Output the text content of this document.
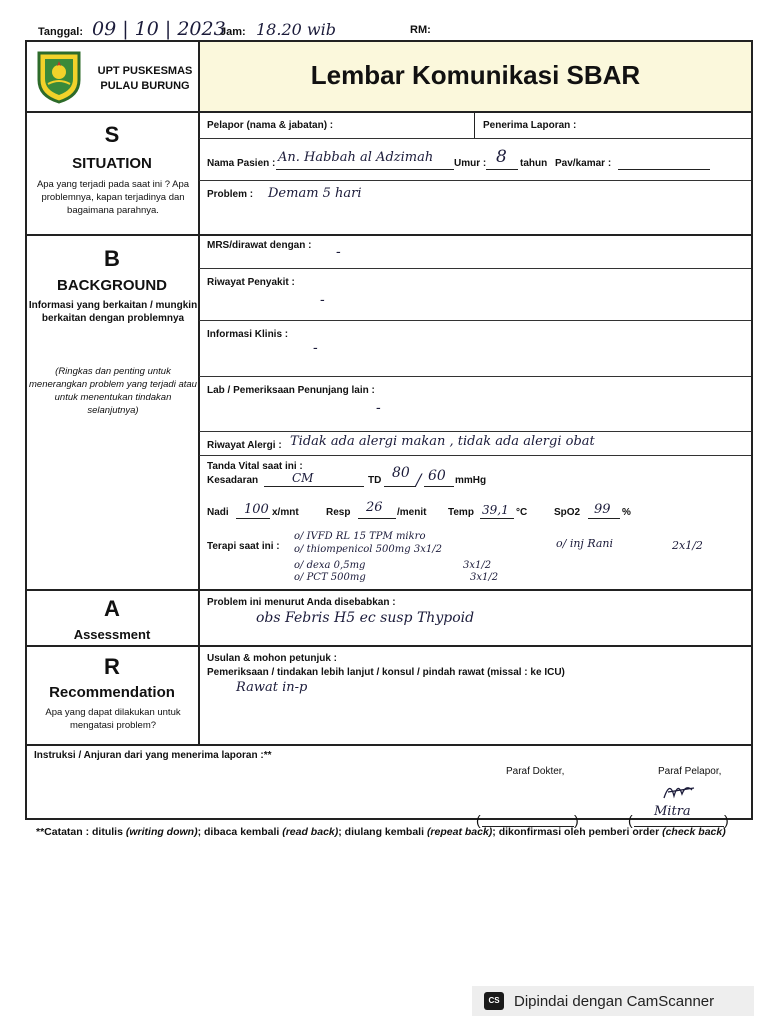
Tanggal: 09 | 10 | 2023
Jam: 18.20 wib	RM:
UPT PUSKESMAS
PULAU BURUNG	Lembar Komunikasi SBAR
S
SITUATION
Apa yang terjadi pada saat ini ? Apa problemnya, kapan terjadinya dan bagaimana parahnya.
Pelapor (nama & jabatan) :	Penerima Laporan :
Nama Pasien : An. Habbah al Adzimah Umur : 8 tahun Pav/kamar :
Problem : Demam 5 hari
B
BACKGROUND
Informasi yang berkaitan / mungkin berkaitan dengan problemnya
(Ringkas dan penting untuk menerangkan problem yang terjadi atau untuk menentukan tindakan selanjutnya)
MRS/dirawat dengan : -
Riwayat Penyakit :
-
Informasi Klinis :
-
Lab / Pemeriksaan Penunjang lain :
-
Riwayat Alergi : Tidak ada alergi makan , tidak ada alergi obat
Tanda Vital saat ini :
Kesadaran	CM	TD 80 / 60 mmHg
Nadi 100 x/mnt	Resp 26 /menit Temp 39,1 °C	SpO2 99 %
Terapi saat ini :
o/ IVFD RL 15 TPM mikro
o/ thiompenicol 500mg 3x1/2
o/ dexa 0,5mg	3x1/2
o/ PCT 500mg	3x1/2
o/ inj Rani	2x1/2
A
Assessment
Problem ini menurut Anda disebabkan :
obs Febris H5 ec susp Thypoid
R
Recommendation
Apa yang dapat dilakukan untuk mengatasi problem?
Usulan & mohon petunjuk :
Pemeriksaan / tindakan lebih lanjut / konsul / pindah rawat (missal : ke ICU)
Rawat in-p
Instruksi / Anjuran dari yang menerima laporan :**
Paraf Dokter,	Paraf Pelapor,
(	)	(	)
Mitra
**Catatan : ditulis (writing down); dibaca kembali (read back); diulang kembali (repeat back); dikonfirmasi oleh pemberi order (check back)
CS Dipindai dengan CamScanner
